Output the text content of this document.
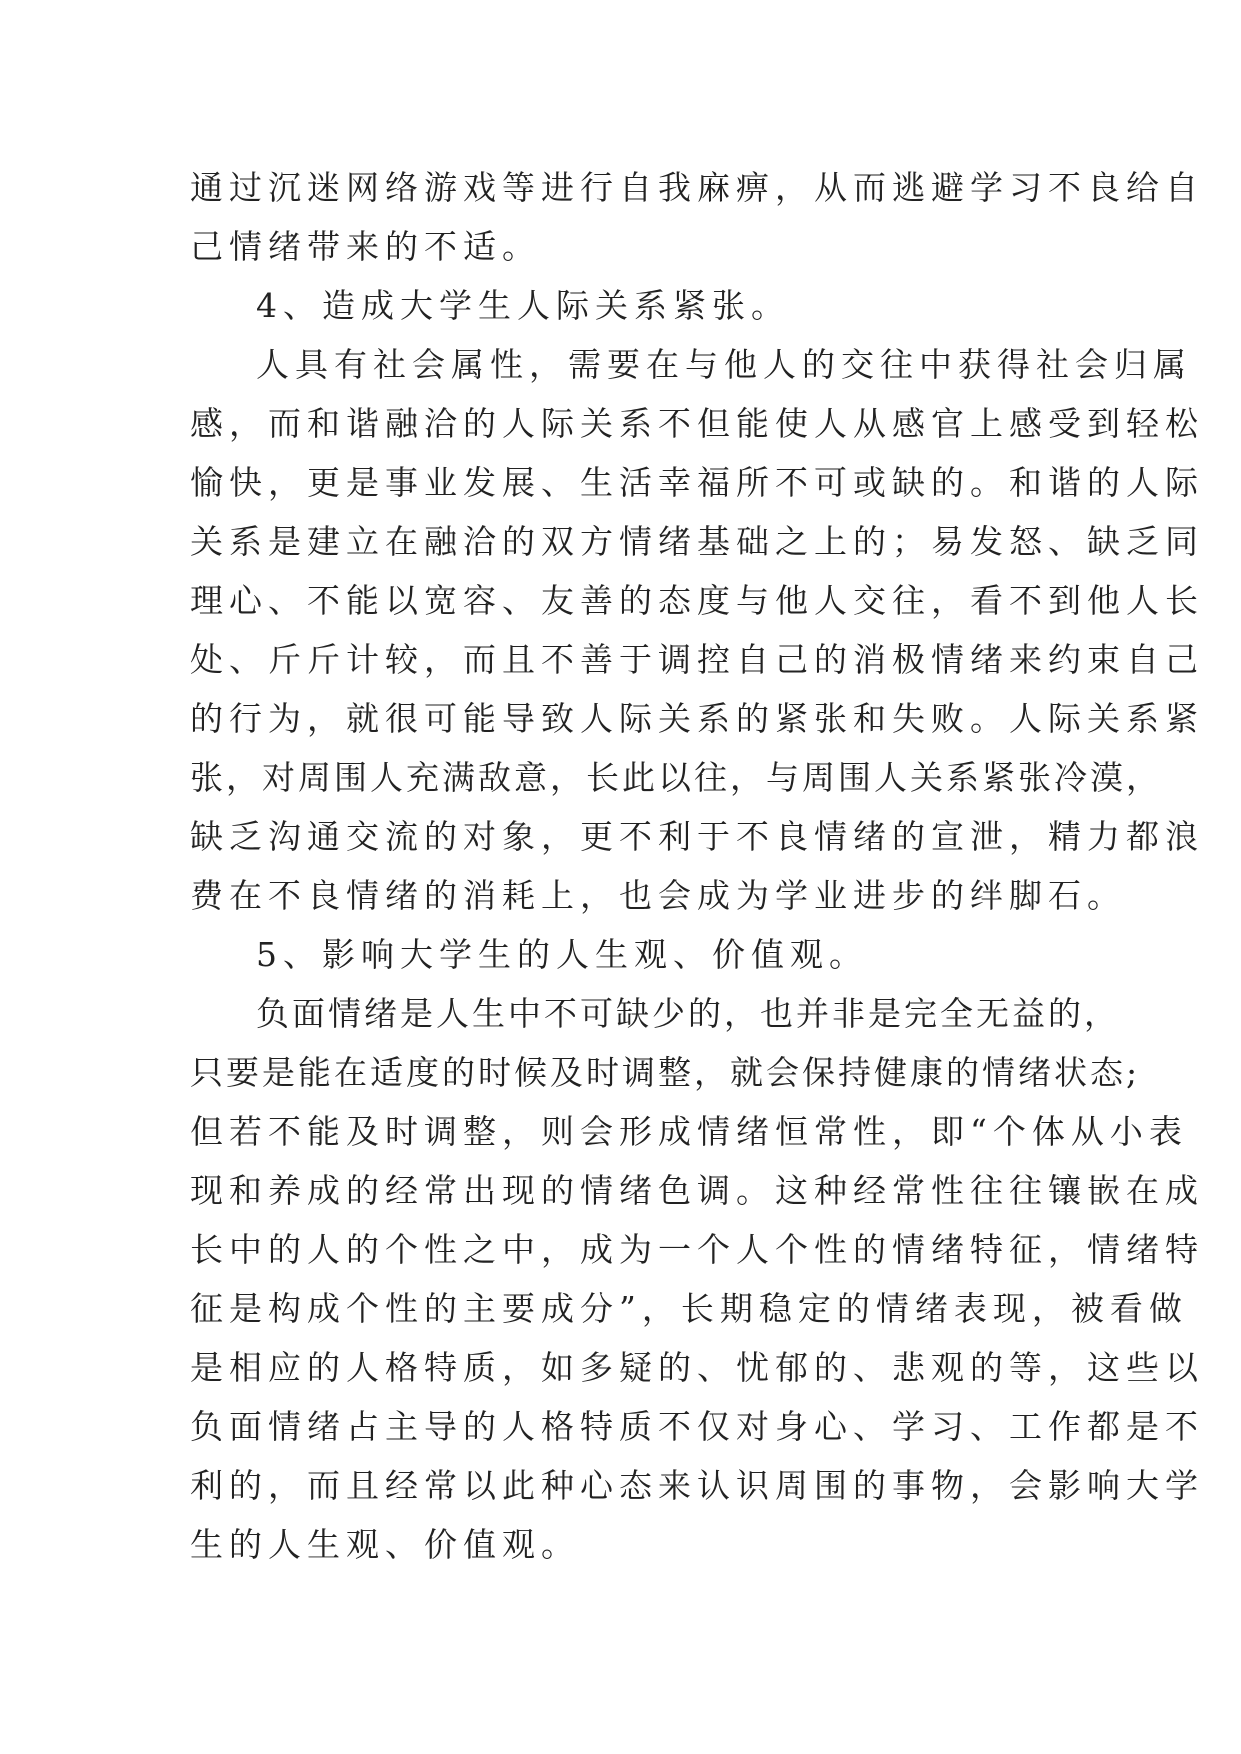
通过沉迷网络游戏等进行自我麻痹，从而逃避学习不良给自
己情绪带来的不适。
4、造成大学生人际关系紧张。
人具有社会属性，需要在与他人的交往中获得社会归属
感，而和谐融洽的人际关系不但能使人从感官上感受到轻松
愉快，更是事业发展、生活幸福所不可或缺的。和谐的人际
关系是建立在融洽的双方情绪基础之上的；易发怒、缺乏同
理心、不能以宽容、友善的态度与他人交往，看不到他人长
处、斤斤计较，而且不善于调控自己的消极情绪来约束自己
的行为，就很可能导致人际关系的紧张和失败。人际关系紧
张，对周围人充满敌意，长此以往，与周围人关系紧张冷漠，
缺乏沟通交流的对象，更不利于不良情绪的宣泄，精力都浪
费在不良情绪的消耗上，也会成为学业进步的绊脚石。
5、影响大学生的人生观、价值观。
负面情绪是人生中不可缺少的，也并非是完全无益的，
只要是能在适度的时候及时调整，就会保持健康的情绪状态;
但若不能及时调整，则会形成情绪恒常性，即“个体从小表
现和养成的经常出现的情绪色调。这种经常性往往镶嵌在成
长中的人的个性之中，成为一个人个性的情绪特征，情绪特
征是构成个性的主要成分”，长期稳定的情绪表现，被看做
是相应的人格特质，如多疑的、忧郁的、悲观的等，这些以
负面情绪占主导的人格特质不仅对身心、学习、工作都是不
利的，而且经常以此种心态来认识周围的事物，会影响大学
生的人生观、价值观。
